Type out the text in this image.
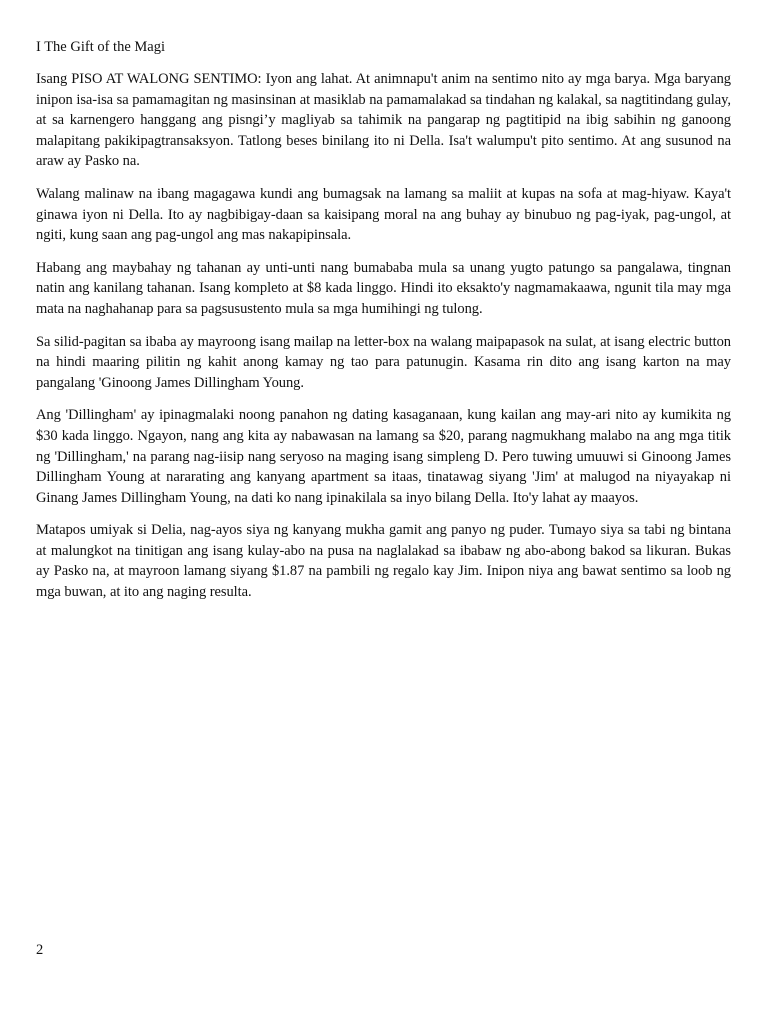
I The Gift of the Magi

Isang PISO AT WALONG SENTIMO: Iyon ang lahat. At animnapu't anim na sentimo nito ay mga barya. Mga baryang inipon isa-isa sa pamamagitan ng masinsinan at masiklab na pamamalakad sa tindahan ng kalakal, sa nagtitindang gulay, at sa karnengero hanggang ang pisngi’y magliyab sa tahimik na pangarap ng pagtitipid na ibig sabihin ng ganoong malapitang pakikipagtransaksyon. Tatlong beses binilang ito ni Della. Isa't walumpu't pito sentimo. At ang susunod na araw ay Pasko na.

Walang malinaw na ibang magagawa kundi ang bumagsak na lamang sa maliit at kupas na sofa at mag-hiyaw. Kaya't ginawa iyon ni Della. Ito ay nagbibigay-daan sa kaisipang moral na ang buhay ay binubuo ng pag-iyak, pag-ungol, at ngiti, kung saan ang pag-ungol ang mas nakapipinsala.

Habang ang maybahay ng tahanan ay unti-unti nang bumababa mula sa unang yugto patungo sa pangalawa, tingnan natin ang kanilang tahanan. Isang kompleto at $8 kada linggo. Hindi ito eksakto'y nagmamakaawa, ngunit tila may mga mata na naghahanap para sa pagsusustento mula sa mga humihingi ng tulong.

Sa silid-pagitan sa ibaba ay mayroong isang mailap na letter-box na walang maipapasok na sulat, at isang electric button na hindi maaring pilitin ng kahit anong kamay ng tao para patunugin. Kasama rin dito ang isang karton na may pangalang 'Ginoong James Dillingham Young.

Ang 'Dillingham' ay ipinagmalaki noong panahon ng dating kasaganaan, kung kailan ang may-ari nito ay kumikita ng $30 kada linggo. Ngayon, nang ang kita ay nabawasan na lamang sa $20, parang nagmukhang malabo na ang mga titik ng 'Dillingham,' na parang nag-iisip nang seryoso na maging isang simpleng D. Pero tuwing umuuwi si Ginoong James Dillingham Young at nararating ang kanyang apartment sa itaas, tinatawag siyang 'Jim' at malugod na niyayakap ni Ginang James Dillingham Young, na dati ko nang ipinakilala sa inyo bilang Della. Ito'y lahat ay maayos.

Matapos umiyak si Delia, nag-ayos siya ng kanyang mukha gamit ang panyo ng puder. Tumayo siya sa tabi ng bintana at malungkot na tinitigan ang isang kulay-abo na pusa na naglalakad sa ibabaw ng abo-abong bakod sa likuran. Bukas ay Pasko na, at mayroon lamang siyang $1.87 na pambili ng regalo kay Jim. Inipon niya ang bawat sentimo sa loob ng mga buwan, at ito ang naging resulta.

2
